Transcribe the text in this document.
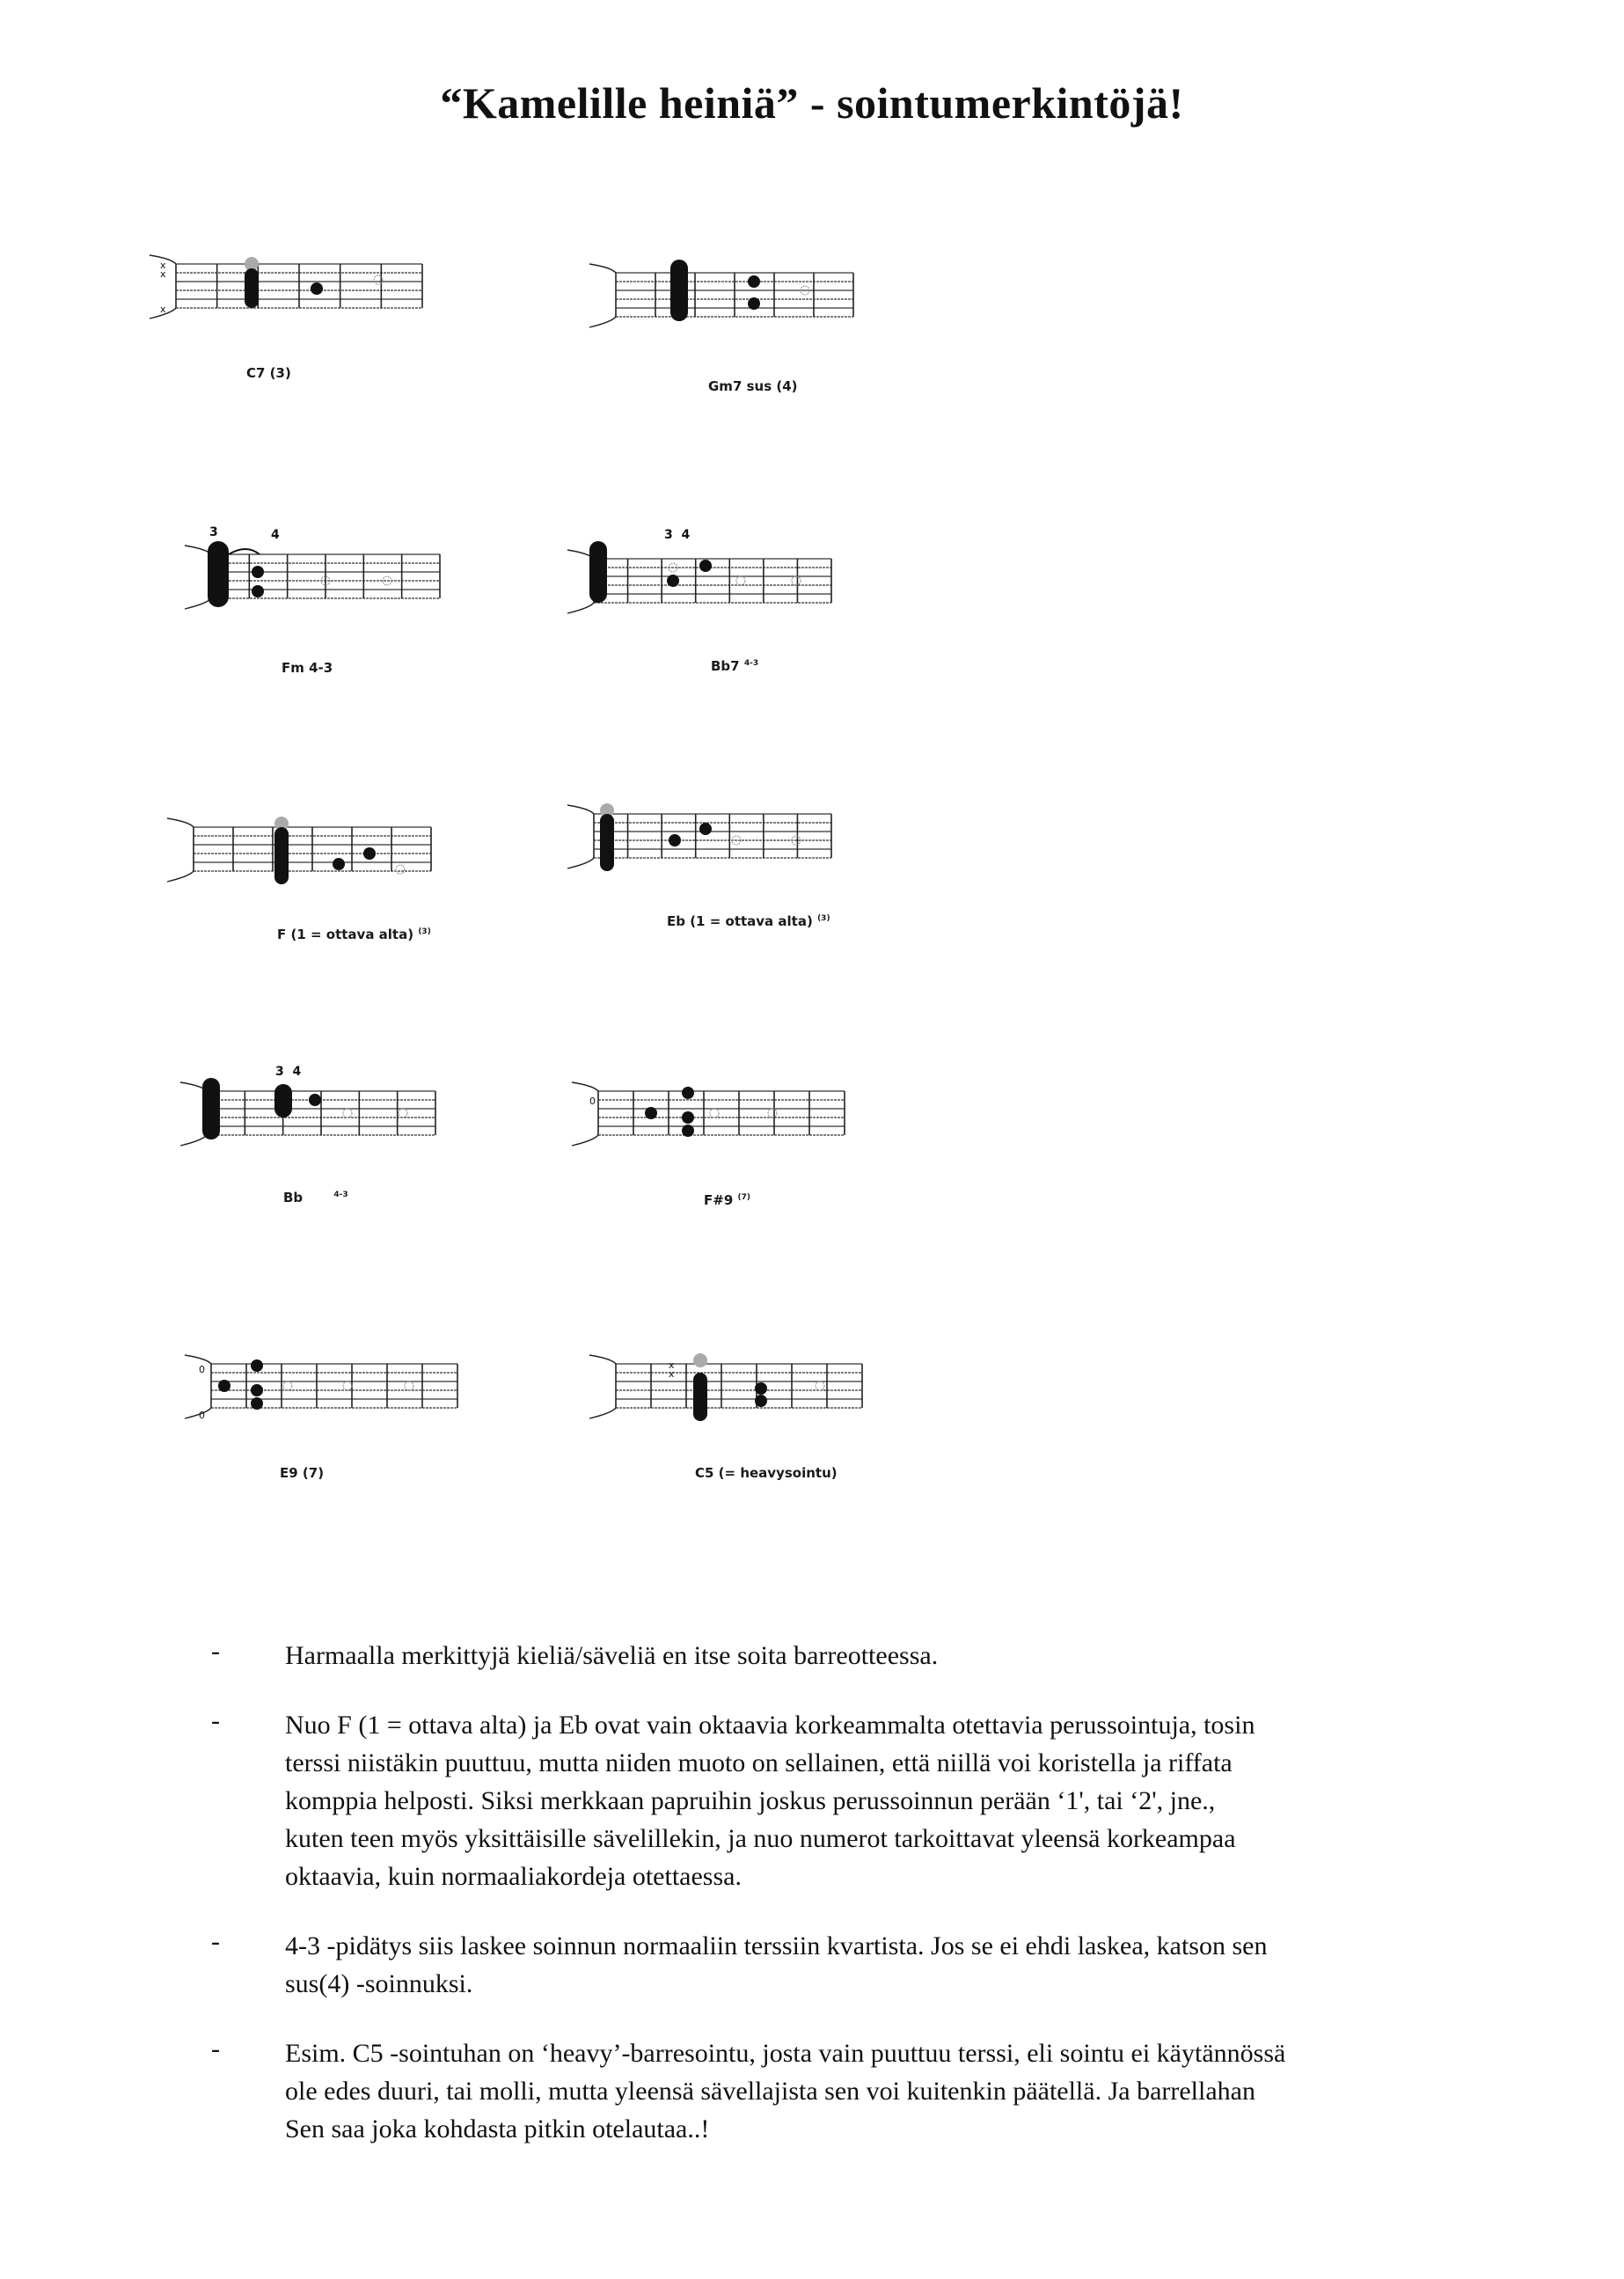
“Kamelille heiniä” - sointumerkintöjä!
x
x
x
C7 (3)
Gm7 sus (4)
3	4
Fm 4-3
3  4
Bb7 $^{4-3}$
F (1 = ottava alta) $^{(3)}$
Eb (1 = ottava alta) $^{(3)}$
3  4
Bb	$^{4-3}$
0
F#9 $^{(7)}$
0
0
E9 (7)
x
x
C5 (= heavysointu)
- Harmaalla merkittyjä kieliä/säveliä en itse soita barreotteessa.
- Nuo F (1 = ottava alta) ja Eb ovat vain oktaavia korkeammalta otettavia perussointuja, tosin
terssi niistäkin puuttuu, mutta niiden muoto on sellainen, että niillä voi koristella ja riffata
komppia helposti. Siksi merkkaan papruihin joskus perussoinnun perään ‘1', tai ‘2', jne.,
kuten teen myös yksittäisille sävelillekin, ja nuo numerot tarkoittavat yleensä korkeampaa
oktaavia, kuin normaaliakordeja otettaessa.
- 4-3 -pidätys siis laskee soinnun normaaliin terssiin kvartista. Jos se ei ehdi laskea, katson sen
sus(4) -soinnuksi.
- Esim. C5 -sointuhan on ‘heavy’-barresointu, josta vain puuttuu terssi, eli sointu ei käytännössä
ole edes duuri, tai molli, mutta yleensä sävellajista sen voi kuitenkin päätellä. Ja barrellahan
Sen saa joka kohdasta pitkin otelautaa..!
